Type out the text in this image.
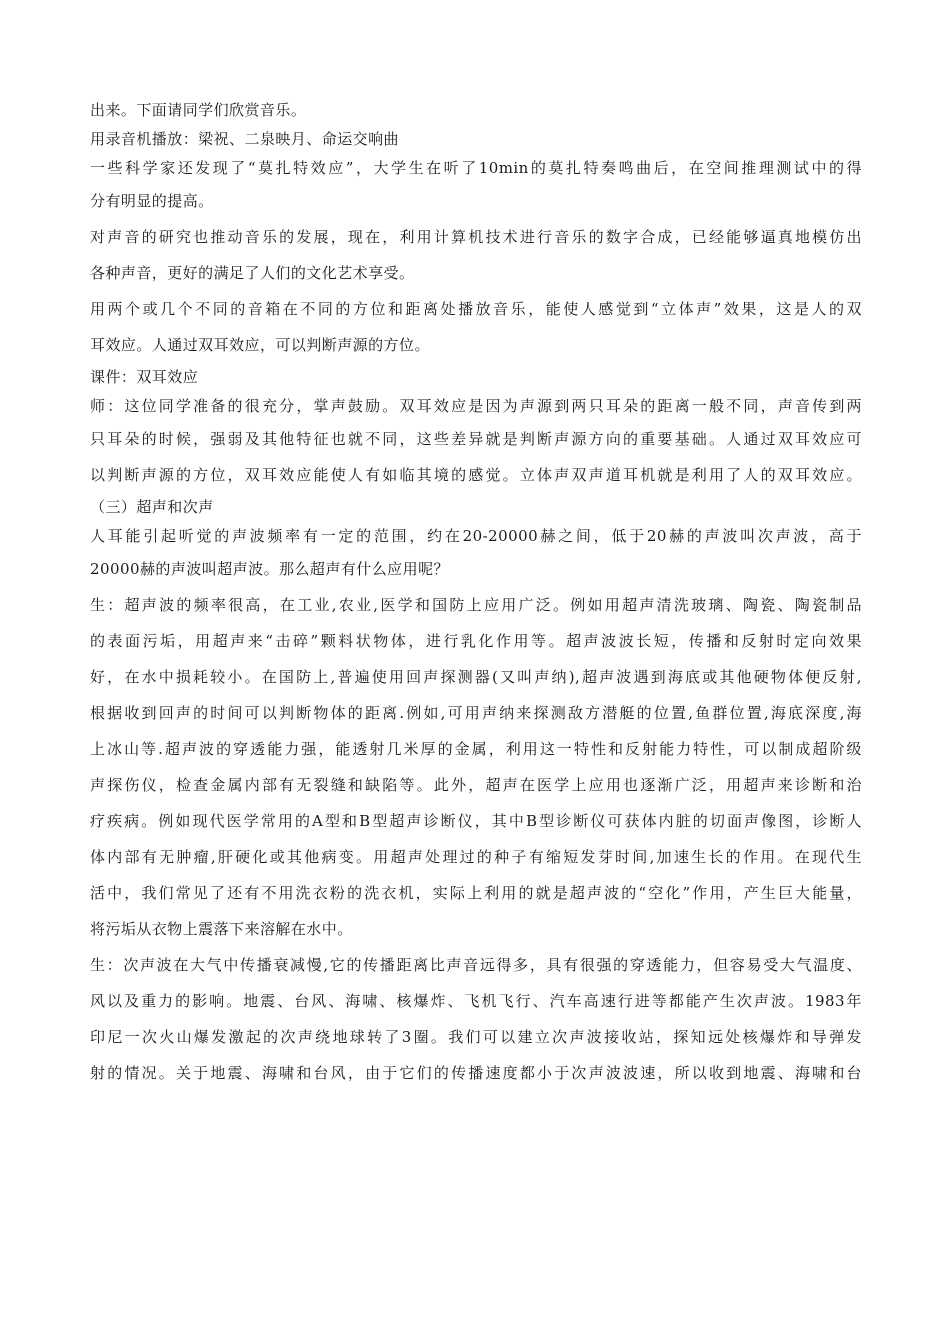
出来。下面请同学们欣赏音乐。
用录音机播放：梁祝、二泉映月、命运交响曲
一些科学家还发现了“莫扎特效应”，大学生在听了10min的莫扎特奏鸣曲后，在空间推理测试中的得
分有明显的提高。
对声音的研究也推动音乐的发展，现在，利用计算机技术进行音乐的数字合成，已经能够逼真地模仿出
各种声音，更好的满足了人们的文化艺术享受。
用两个或几个不同的音箱在不同的方位和距离处播放音乐，能使人感觉到“立体声”效果，这是人的双
耳效应。人通过双耳效应，可以判断声源的方位。
课件：双耳效应
师：这位同学准备的很充分，掌声鼓励。双耳效应是因为声源到两只耳朵的距离一般不同，声音传到两
只耳朵的时候，强弱及其他特征也就不同，这些差异就是判断声源方向的重要基础。人通过双耳效应可
以判断声源的方位，双耳效应能使人有如临其境的感觉。立体声双声道耳机就是利用了人的双耳效应。
（三）超声和次声
人耳能引起听觉的声波频率有一定的范围，约在20-20000赫之间，低于20赫的声波叫次声波，高于
20000赫的声波叫超声波。那么超声有什么应用呢？
生：超声波的频率很高，在工业,农业,医学和国防上应用广泛。例如用超声清洗玻璃、陶瓷、陶瓷制品
的表面污垢，用超声来“击碎”颗料状物体，进行乳化作用等。超声波波长短，传播和反射时定向效果
好，在水中损耗较小。在国防上,普遍使用回声探测器(又叫声纳),超声波遇到海底或其他硬物体便反射,
根据收到回声的时间可以判断物体的距离.例如,可用声纳来探测敌方潜艇的位置,鱼群位置,海底深度,海
上冰山等.超声波的穿透能力强，能透射几米厚的金属，利用这一特性和反射能力特性，可以制成超阶级
声探伤仪，检查金属内部有无裂缝和缺陷等。此外，超声在医学上应用也逐渐广泛，用超声来诊断和治
疗疾病。例如现代医学常用的A型和B型超声诊断仪，其中B型诊断仪可获体内脏的切面声像图，诊断人
体内部有无肿瘤,肝硬化或其他病变。用超声处理过的种子有缩短发芽时间,加速生长的作用。在现代生
活中，我们常见了还有不用洗衣粉的洗衣机，实际上利用的就是超声波的“空化”作用，产生巨大能量，
将污垢从衣物上震落下来溶解在水中。
生：次声波在大气中传播衰减慢,它的传播距离比声音远得多，具有很强的穿透能力，但容易受大气温度、
风以及重力的影响。地震、台风、海啸、核爆炸、飞机飞行、汽车高速行进等都能产生次声波。1983年
印尼一次火山爆发激起的次声绕地球转了3圈。我们可以建立次声波接收站，探知远处核爆炸和导弹发
射的情况。关于地震、海啸和台风，由于它们的传播速度都小于次声波波速，所以收到地震、海啸和台
